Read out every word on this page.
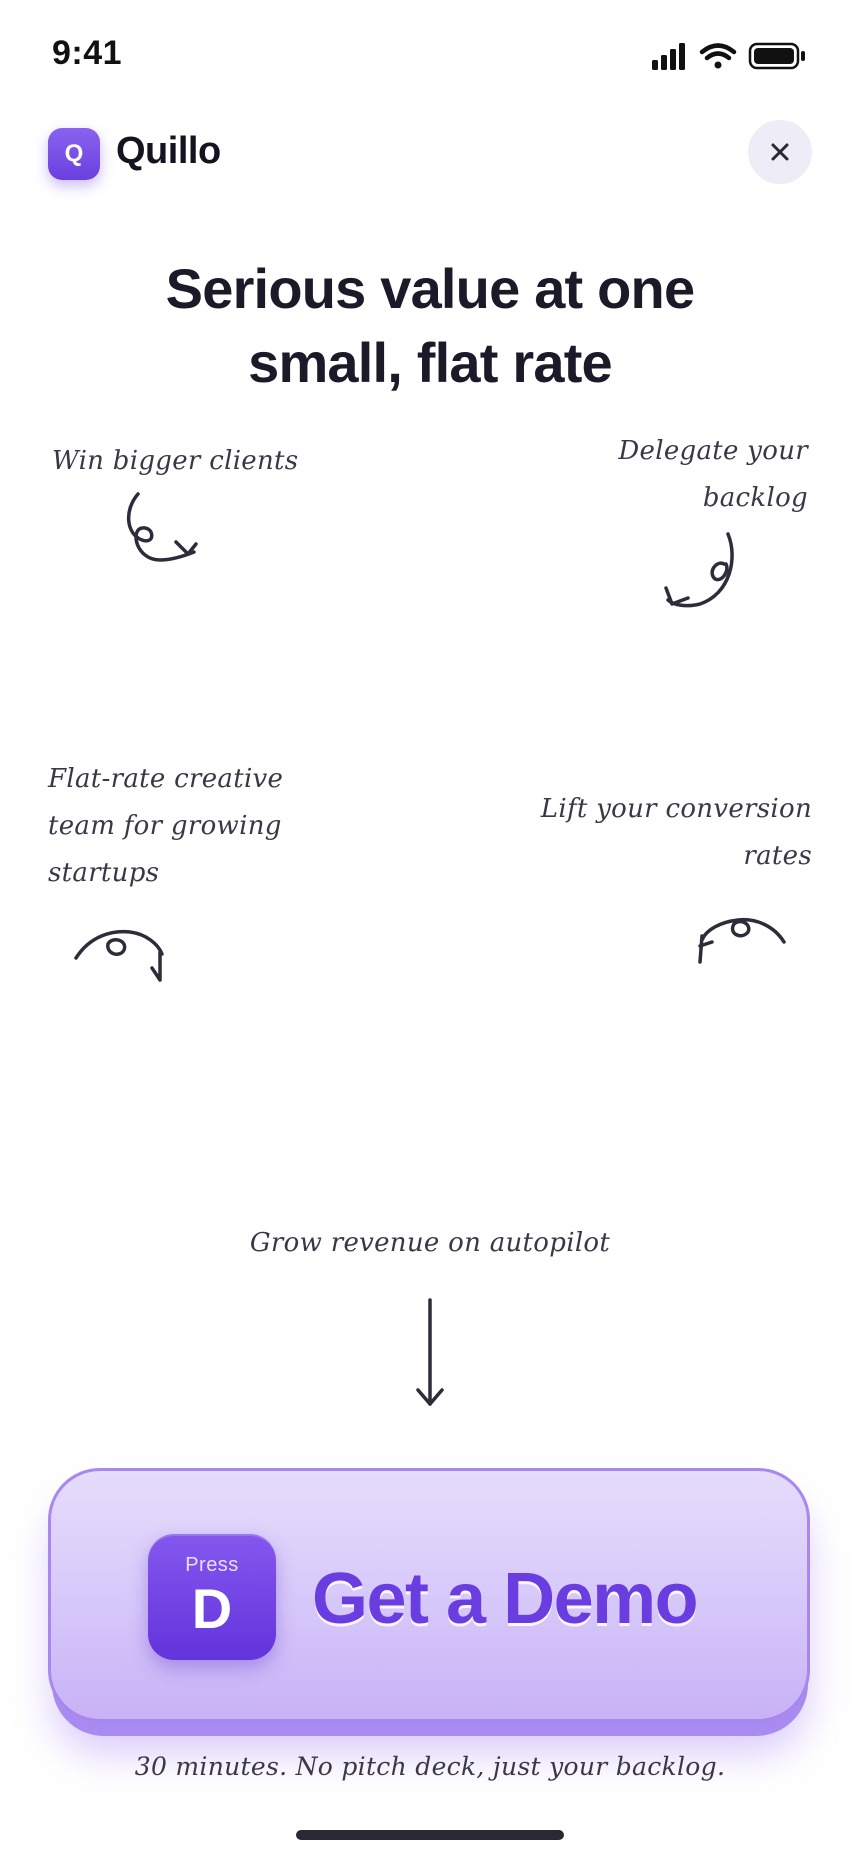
9:41
Q Quillo
Serious value at one
small, flat rate
Win bigger clients	Delegate your
backlog
Flat-rate creative
team for growing
startups
Lift your conversion
rates
Grow revenue on autopilot
Press
D	Get a Demo
30 minutes. No pitch deck, just your backlog.
